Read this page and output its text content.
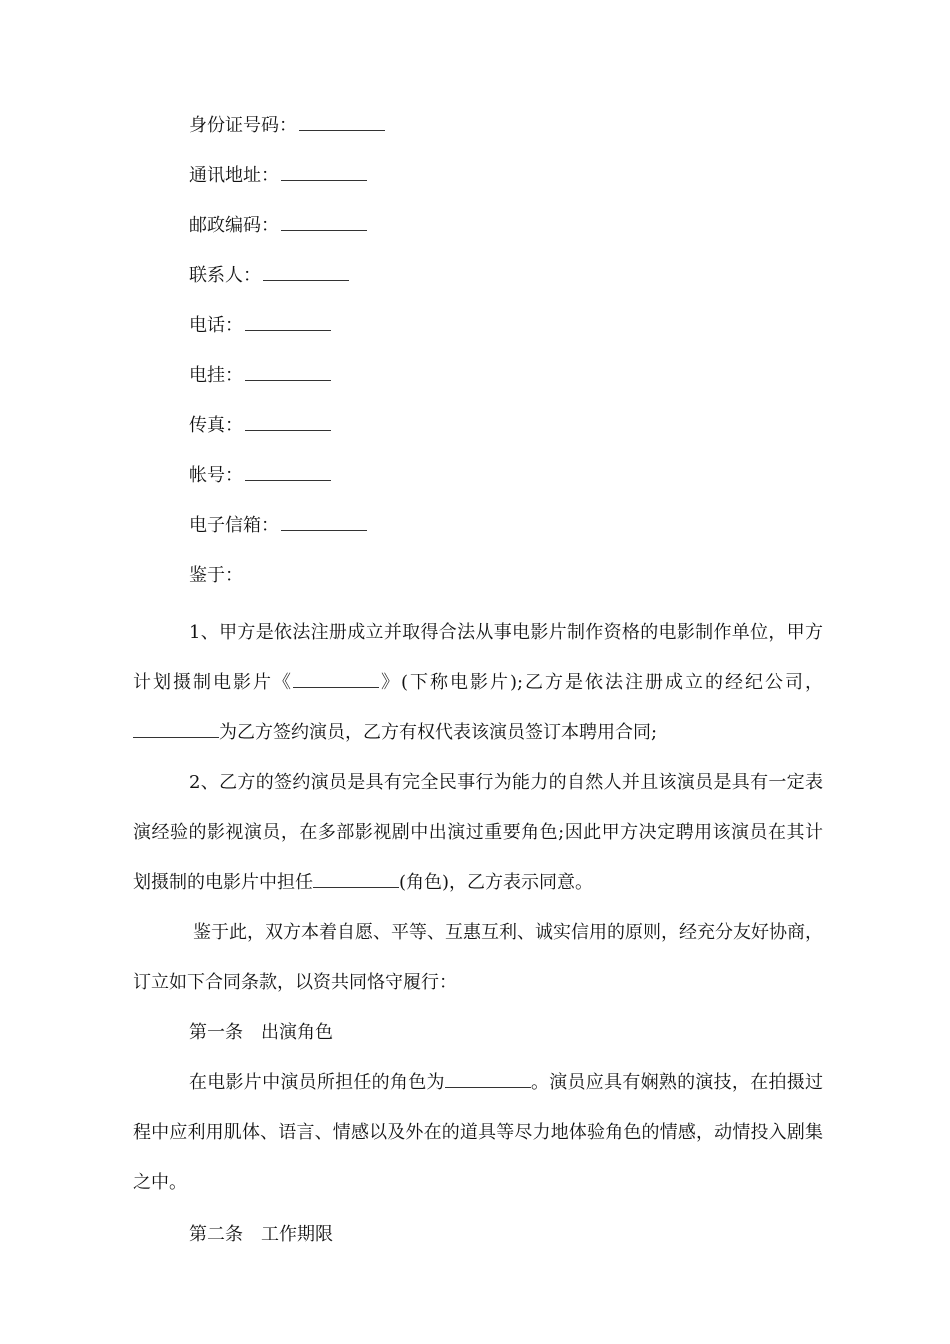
身份证号码：
通讯地址：
邮政编码：
联系人：
电话：
电挂：
传真：
帐号：
电子信箱：
鉴于：

1、甲方是依法注册成立并取得合法从事电影片制作资格的电影制作单位，甲方计划摄制电影片《	》(下称电影片);乙方是依法注册成立的经纪公司，为乙方签约演员，乙方有权代表该演员签订本聘用合同;

2、乙方的签约演员是具有完全民事行为能力的自然人并且该演员是具有一定表演经验的影视演员，在多部影视剧中出演过重要角色;因此甲方决定聘用该演员在其计划摄制的电影片中担任	(角色)，乙方表示同意。

鉴于此，双方本着自愿、平等、互惠互利、诚实信用的原则，经充分友好协商，订立如下合同条款，以资共同恪守履行：

第一条　出演角色

在电影片中演员所担任的角色为	。演员应具有娴熟的演技，在拍摄过程中应利用肌体、语言、情感以及外在的道具等尽力地体验角色的情感，动情投入剧集之中。

第二条　工作期限
